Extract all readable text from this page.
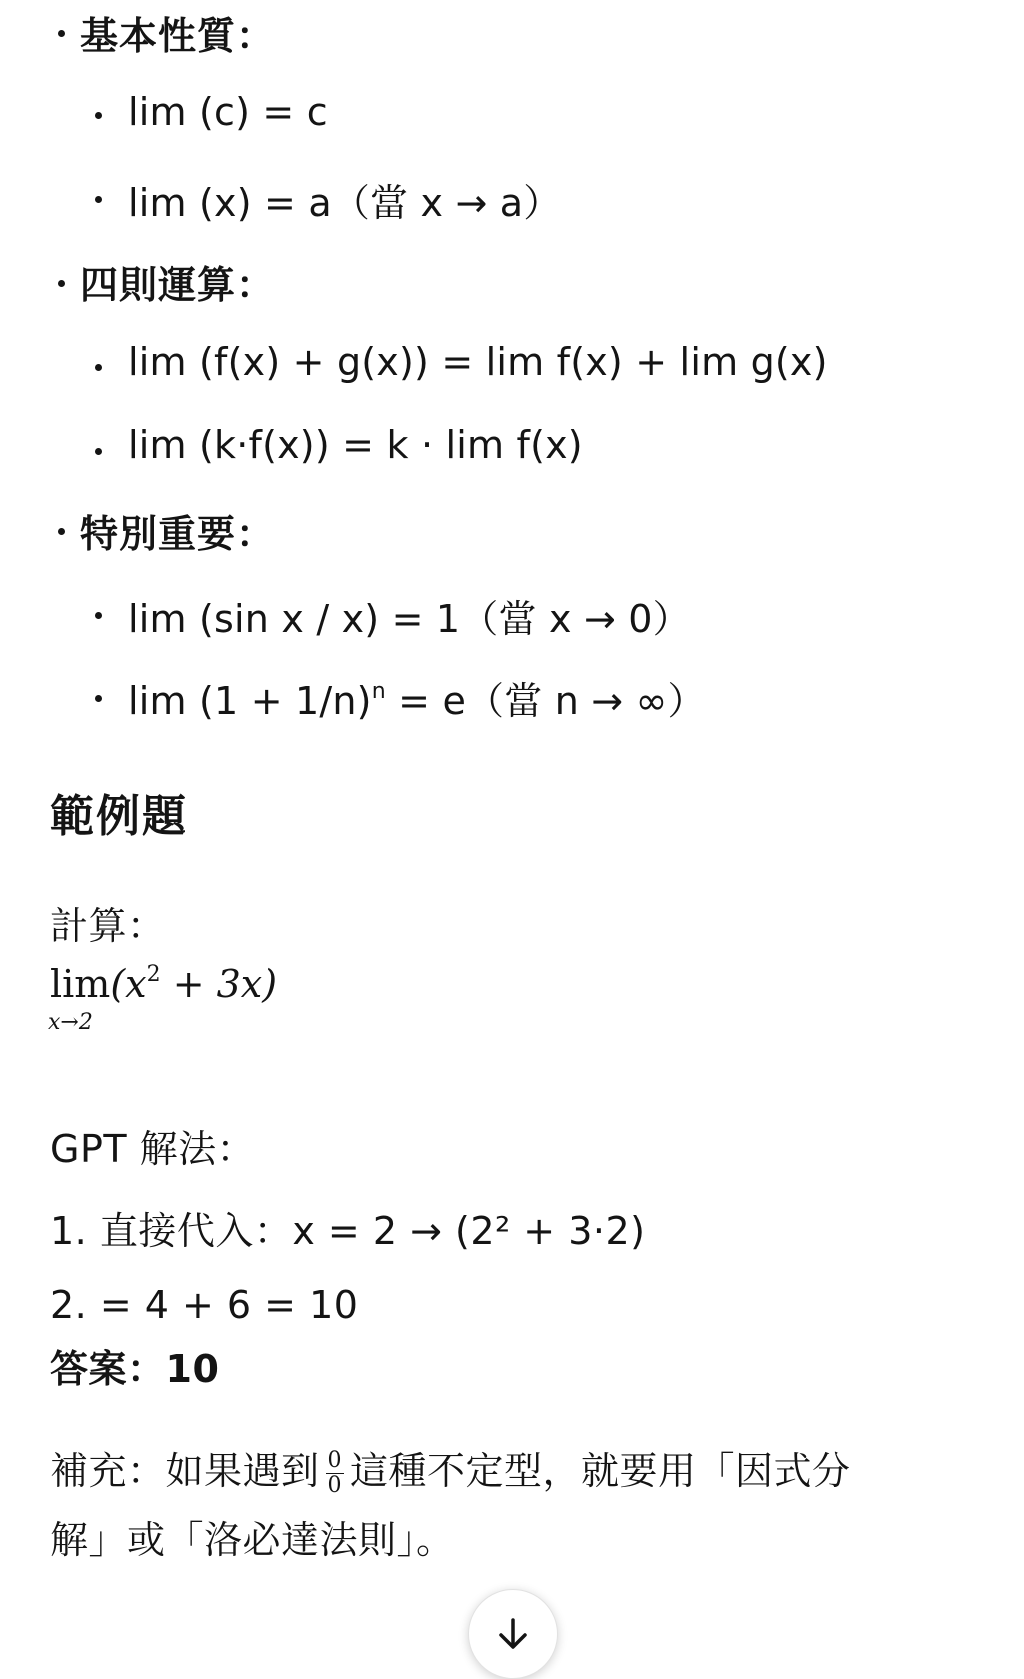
基本性質：
lim (c) = c
lim (x) = a（當 x → a）
四則運算：
lim (f(x) + g(x)) = lim f(x) + lim g(x)
lim (k·f(x)) = k · lim f(x)
特別重要：
lim (sin x / x) = 1（當 x → 0）
$\lim (1 + 1/n)^n = e$（當 n → ∞）
範例題
計算：
$\lim(x^2 + 3x)$
x→2
GPT 解法：
1. 直接代入：x = 2 → (2² + 3·2)
2. = 4 + 6 = 10
答案：10
補充：如果遇到 $\frac{0}{0}$ 這種不定型，就要用「因式分
解」或「洛必達法則」。
